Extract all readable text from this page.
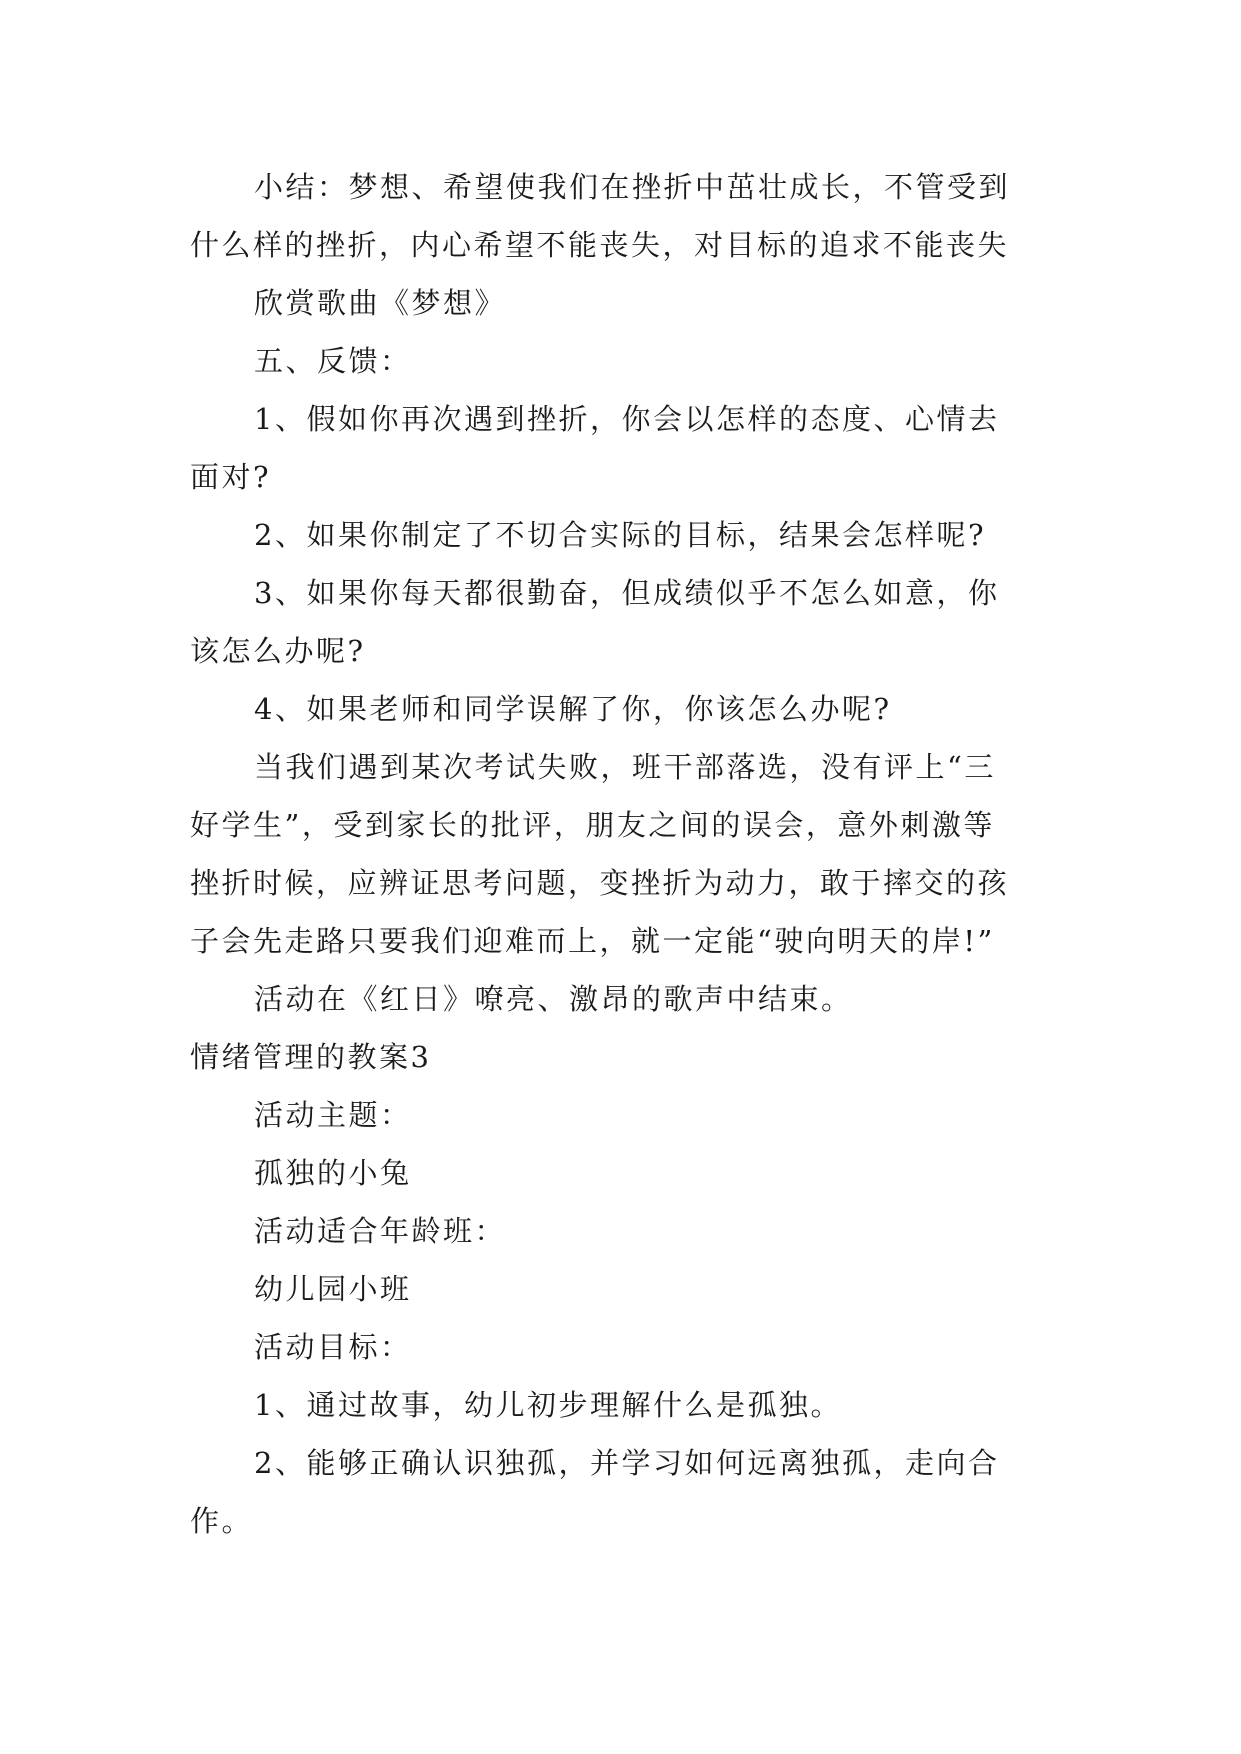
小结：梦想、希望使我们在挫折中茁壮成长，不管受到

什么样的挫折，内心希望不能丧失，对目标的追求不能丧失

欣赏歌曲《梦想》

五、反馈：

1、假如你再次遇到挫折，你会以怎样的态度、心情去

面对?

2、如果你制定了不切合实际的目标，结果会怎样呢?

3、如果你每天都很勤奋，但成绩似乎不怎么如意，你

该怎么办呢?

4、如果老师和同学误解了你，你该怎么办呢?

当我们遇到某次考试失败，班干部落选，没有评上“三

好学生”，受到家长的批评，朋友之间的误会，意外刺激等

挫折时候，应辨证思考问题，变挫折为动力，敢于摔交的孩

子会先走路只要我们迎难而上，就一定能“驶向明天的岸!”

活动在《红日》嘹亮、激昂的歌声中结束。

情绪管理的教案3

活动主题：

孤独的小兔

活动适合年龄班：

幼儿园小班

活动目标：

1、通过故事，幼儿初步理解什么是孤独。

2、能够正确认识独孤，并学习如何远离独孤，走向合

作。
